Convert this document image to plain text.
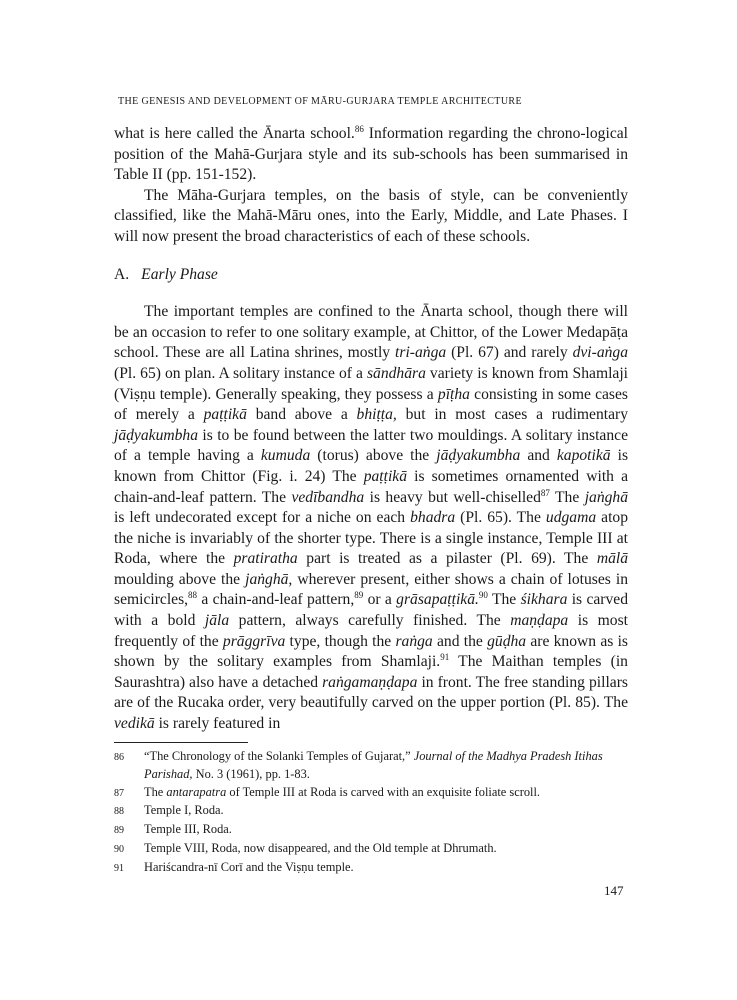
THE GENESIS AND DEVELOPMENT OF MĀRU-GURJARA TEMPLE ARCHITECTURE

what is here called the Ānarta school.$^{86}$ Information regarding the chrono-logical position of the Mahā-Gurjara style and its sub-schools has been summarised in Table II (pp. 151-152).

The Māha-Gurjara temples, on the basis of style, can be conveniently classified, like the Mahā-Māru ones, into the Early, Middle, and Late Phases. I will now present the broad characteristics of each of these schools.

A. Early Phase

The important temples are confined to the Ānarta school, though there will be an occasion to refer to one solitary example, at Chittor, of the Lower Medapāṭa school. These are all Latina shrines, mostly tri-aṅga (Pl. 67) and rarely dvi-aṅga (Pl. 65) on plan. A solitary instance of a sāndhāra variety is known from Shamlaji (Viṣṇu temple). Generally speaking, they possess a pīṭha consisting in some cases of merely a paṭṭikā band above a bhiṭṭa, but in most cases a rudimentary jāḍyakumbha is to be found between the latter two mouldings. A solitary instance of a temple having a kumuda (torus) above the jāḍyakumbha and kapotikā is known from Chittor (Fig. i. 24) The paṭṭikā is sometimes ornamented with a chain-and-leaf pattern. The vedībandha is heavy but well-chiselled$^{87}$ The jaṅghā is left undecorated except for a niche on each bhadra (Pl. 65). The udgama atop the niche is invariably of the shorter type. There is a single instance, Temple III at Roda, where the pratiratha part is treated as a pilaster (Pl. 69). The mālā moulding above the jaṅghā, wherever present, either shows a chain of lotuses in semicircles,$^{88}$ a chain-and-leaf pattern,$^{89}$ or a grāsapaṭṭikā.$^{90}$ The śikhara is carved with a bold jāla pattern, always carefully finished. The maṇḍapa is most frequently of the prāggrīva type, though the raṅga and the gūḍha are known as is shown by the solitary examples from Shamlaji.$^{91}$ The Maithan temples (in Saurashtra) also have a detached raṅgamaṇḍapa in front. The free standing pillars are of the Rucaka order, very beautifully carved on the upper portion (Pl. 85). The vedikā is rarely featured in

86	“The Chronology of the Solanki Temples of Gujarat,” Journal of the Madhya Pradesh Itihas Parishad, No. 3 (1961), pp. 1-83.
87	The antarapatra of Temple III at Roda is carved with an exquisite foliate scroll.
88	Temple I, Roda.
89	Temple III, Roda.
90	Temple VIII, Roda, now disappeared, and the Old temple at Dhrumath.
91	Hariścandra-nī Corī and the Viṣṇu temple.
147
